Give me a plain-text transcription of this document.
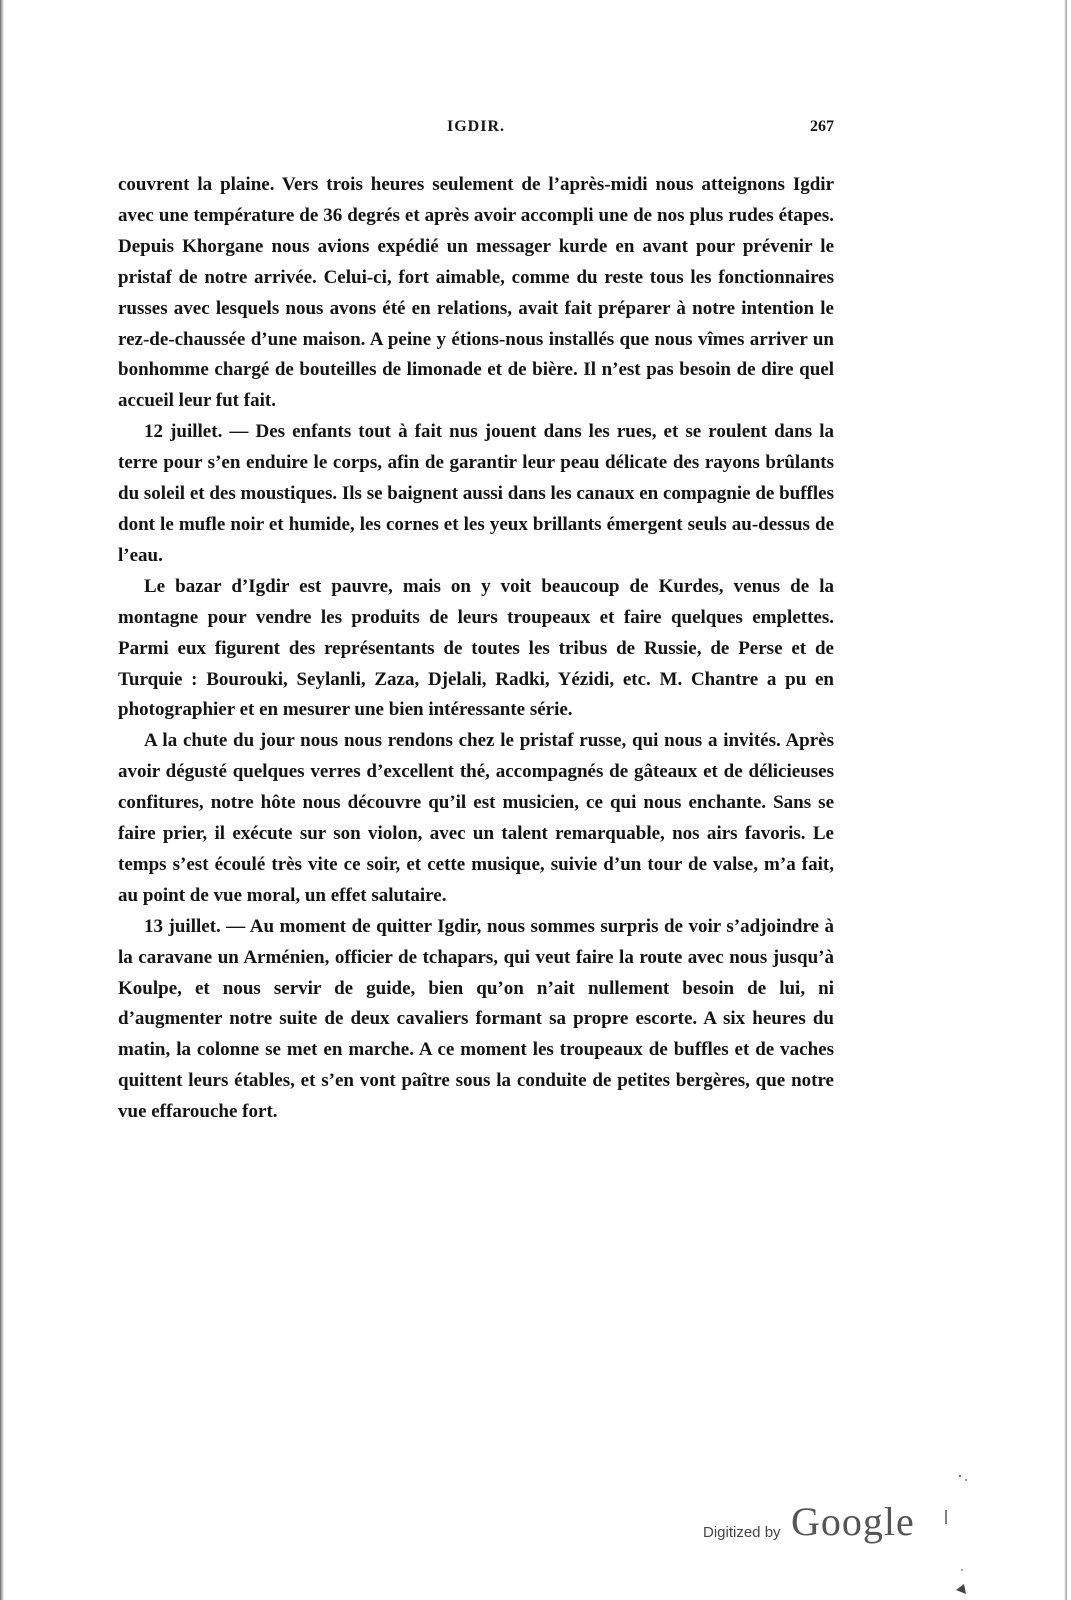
IGDIR.	267

couvrent la plaine. Vers trois heures seulement de l’après-midi nous atteignons Igdir avec une température de 36 degrés et après avoir accompli une de nos plus rudes étapes. Depuis Khorgane nous avions expédié un messager kurde en avant pour prévenir le pristaf de notre arrivée. Celui-ci, fort aimable, comme du reste tous les fonctionnaires russes avec lesquels nous avons été en relations, avait fait préparer à notre intention le rez-de-chaussée d’une maison. A peine y étions-nous installés que nous vîmes arriver un bonhomme chargé de bouteilles de limonade et de bière. Il n’est pas besoin de dire quel accueil leur fut fait.

12 juillet. — Des enfants tout à fait nus jouent dans les rues, et se roulent dans la terre pour s’en enduire le corps, afin de garantir leur peau délicate des rayons brûlants du soleil et des moustiques. Ils se baignent aussi dans les canaux en compagnie de buffles dont le mufle noir et humide, les cornes et les yeux brillants émergent seuls au-dessus de l’eau.

Le bazar d’Igdir est pauvre, mais on y voit beaucoup de Kurdes, venus de la montagne pour vendre les produits de leurs troupeaux et faire quelques emplettes. Parmi eux figurent des représentants de toutes les tribus de Russie, de Perse et de Turquie : Bourouki, Seylanli, Zaza, Djelali, Radki, Yézidi, etc. M. Chantre a pu en photographier et en mesurer une bien intéressante série.

A la chute du jour nous nous rendons chez le pristaf russe, qui nous a invités. Après avoir dégusté quelques verres d’excellent thé, accompagnés de gâteaux et de délicieuses confitures, notre hôte nous découvre qu’il est musicien, ce qui nous enchante. Sans se faire prier, il exécute sur son violon, avec un talent remarquable, nos airs favoris. Le temps s’est écoulé très vite ce soir, et cette musique, suivie d’un tour de valse, m’a fait, au point de vue moral, un effet salutaire.

13 juillet. — Au moment de quitter Igdir, nous sommes surpris de voir s’adjoindre à la caravane un Arménien, officier de tchapars, qui veut faire la route avec nous jusqu’à Koulpe, et nous servir de guide, bien qu’on n’ait nullement besoin de lui, ni d’augmenter notre suite de deux cavaliers formant sa propre escorte. A six heures du matin, la colonne se met en marche. A ce moment les troupeaux de buffles et de vaches quittent leurs étables, et s’en vont paître sous la conduite de petites bergères, que notre vue effarouche fort.

Digitized by Google
